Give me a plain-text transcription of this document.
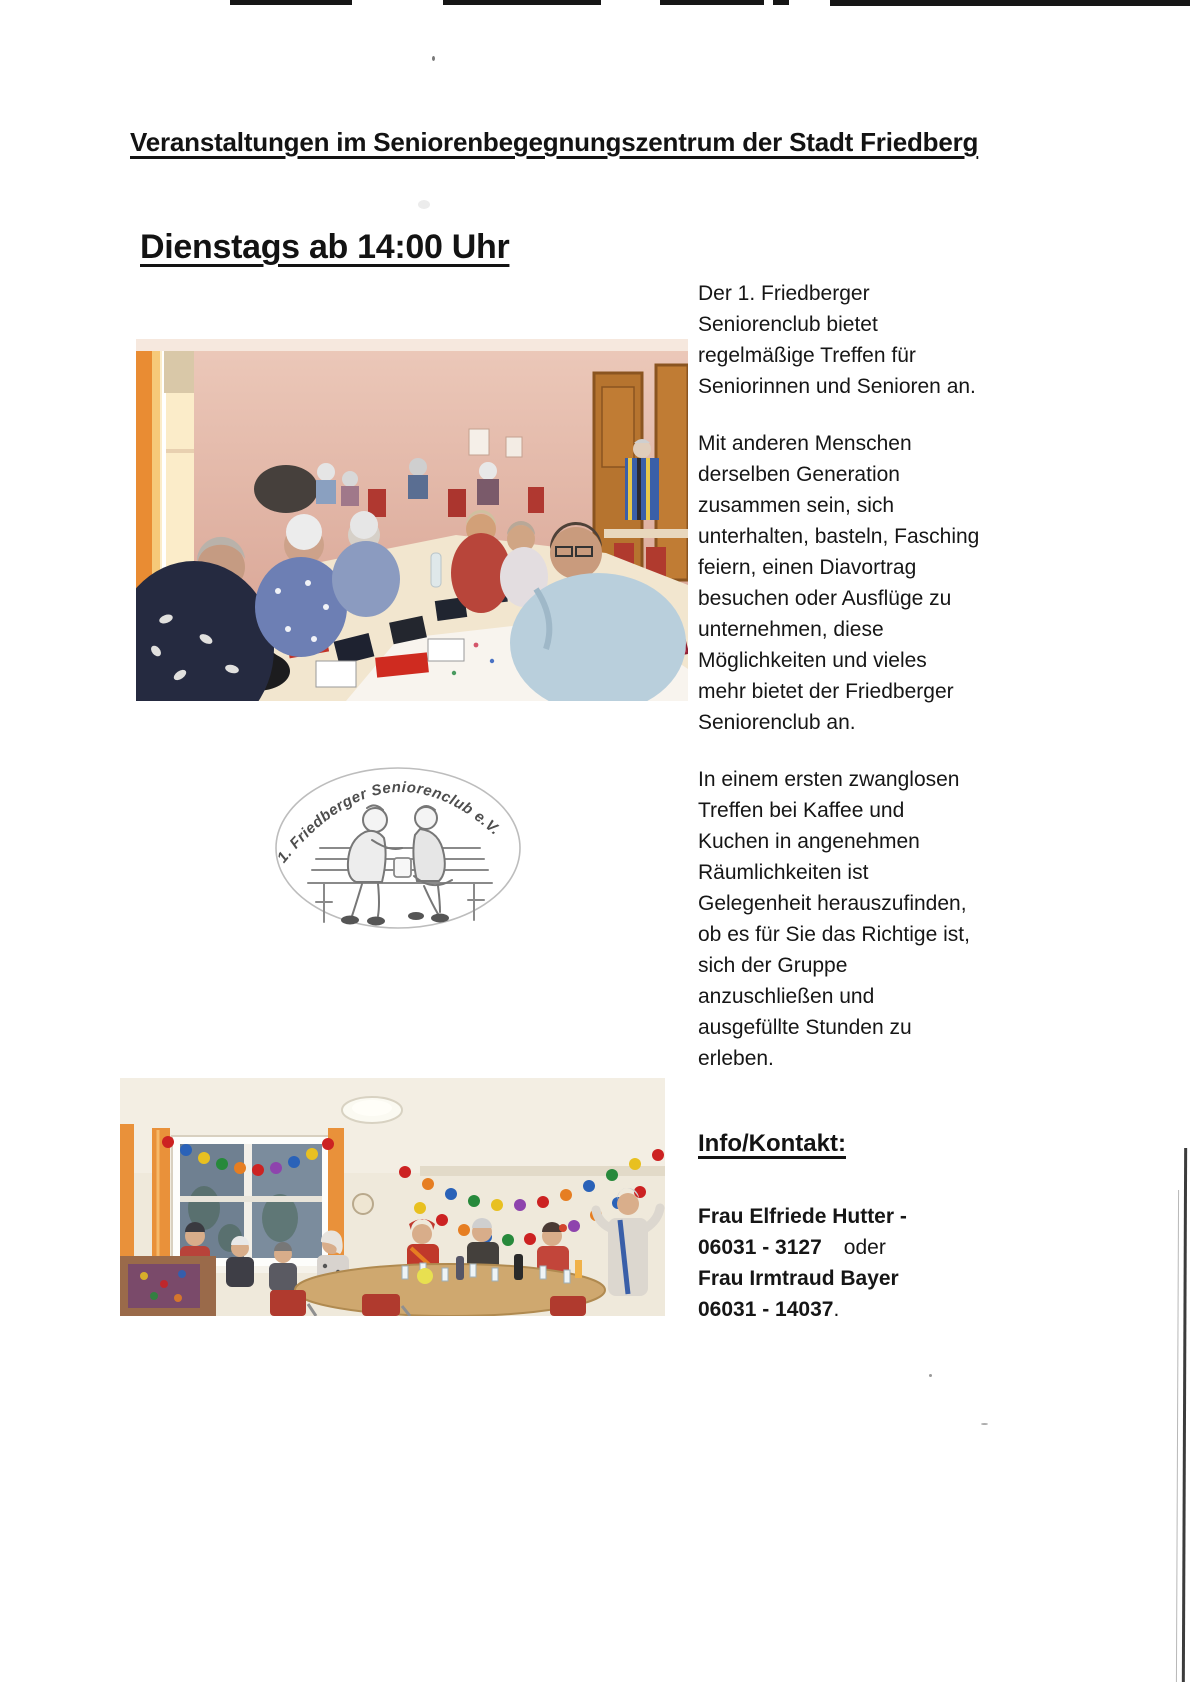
Veranstaltungen im Seniorenbegegnungszentrum der Stadt Friedberg
Dienstags ab 14:00 Uhr
1. Friedberger Seniorenclub e.V.

Der 1. Friedberger Seniorenclub bietet regelmäßige Treffen für Seniorinnen und Senioren an.

Mit anderen Menschen derselben Generation zusammen sein, sich unterhalten, basteln, Fasching feiern, einen Diavortrag besuchen oder Ausflüge zu unternehmen, diese Möglichkeiten und vieles mehr bietet der Friedberger Seniorenclub an.

In einem ersten zwanglosen Treffen bei Kaffee und Kuchen in angenehmen Räumlichkeiten ist Gelegenheit herauszufinden, ob es für Sie das Richtige ist, sich der Gruppe anzuschließen und ausgefüllte Stunden zu erleben.

Info/Kontakt:
Frau Elfriede Hutter -
06031 - 3127 oder
Frau Irmtraud Bayer
06031 - 14037.
